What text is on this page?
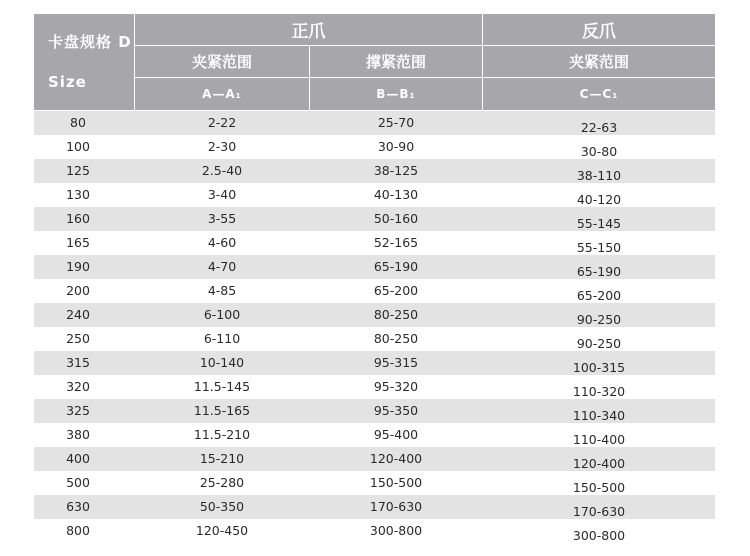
卡盘规格 D
Size
正爪	反爪
夹紧范围	撑紧范围	夹紧范围
A—A₁	B—B₁	C—C₁
80	2-22	25-70	22-63
100	2-30	30-90	30-80
125	2.5-40	38-125	38-110
130	3-40	40-130	40-120
160	3-55	50-160	55-145
165	4-60	52-165	55-150
190	4-70	65-190	65-190
200	4-85	65-200	65-200
240	6-100	80-250	90-250
250	6-110	80-250	90-250
315	10-140	95-315	100-315
320	11.5-145	95-320	110-320
325	11.5-165	95-350	110-340
380	11.5-210	95-400	110-400
400	15-210	120-400	120-400
500	25-280	150-500	150-500
630	50-350	170-630	170-630
800	120-450	300-800	300-800
